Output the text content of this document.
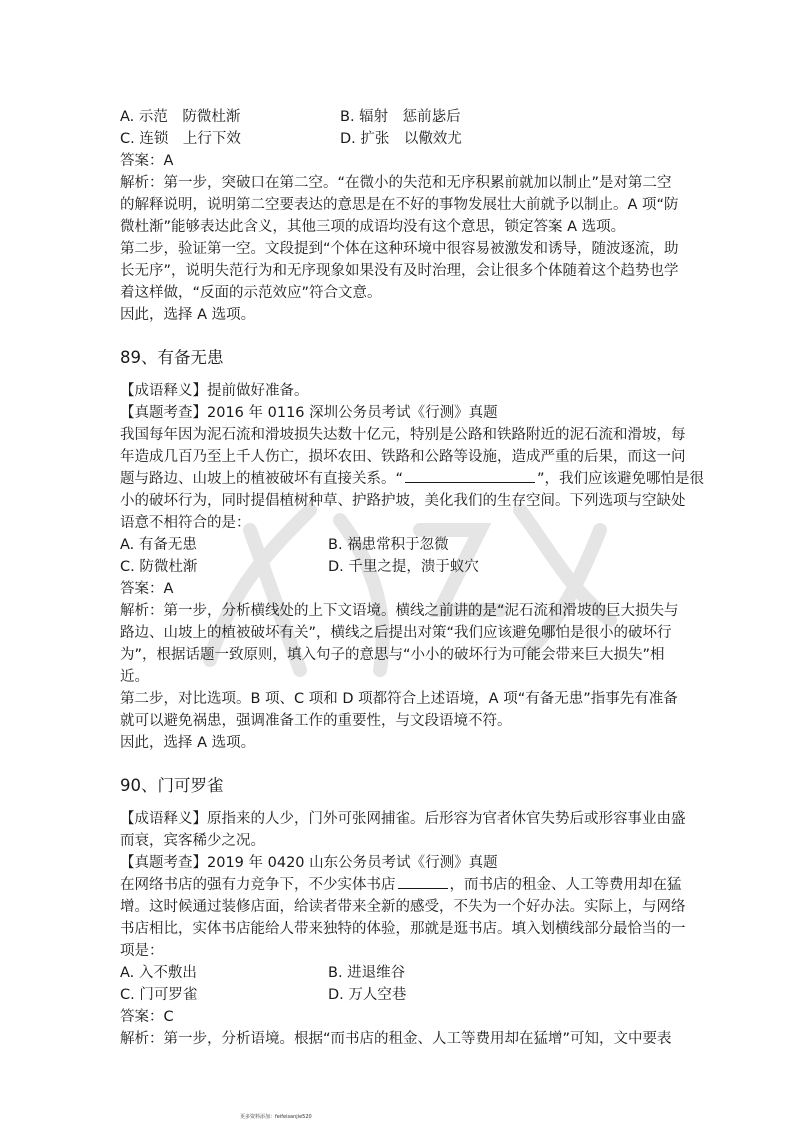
A. 示范　防微杜渐	B. 辐射　惩前毖后
C. 连锁　上行下效	D. 扩张　以儆效尤
答案：A
解析：第一步，突破口在第二空。“在微小的失范和无序积累前就加以制止”是对第二空
的解释说明，说明第二空要表达的意思是在不好的事物发展壮大前就予以制止。A 项“防
微杜渐”能够表达此含义，其他三项的成语均没有这个意思，锁定答案 A 选项。
第二步，验证第一空。文段提到“个体在这种环境中很容易被激发和诱导，随波逐流，助
长无序”，说明失范行为和无序现象如果没有及时治理，会让很多个体随着这个趋势也学
着这样做，“反面的示范效应”符合文意。
因此，选择 A 选项。
89、有备无患
【成语释义】提前做好准备。
【真题考查】2016 年 0116 深圳公务员考试《行测》真题
我国每年因为泥石流和滑坡损失达数十亿元，特别是公路和铁路附近的泥石流和滑坡，每
年造成几百乃至上千人伤亡，损坏农田、铁路和公路等设施，造成严重的后果，而这一问
题与路边、山坡上的植被破坏有直接关系。“	”，我们应该避免哪怕是很
小的破坏行为，同时提倡植树种草、护路护坡，美化我们的生存空间。下列选项与空缺处
语意不相符合的是：
A. 有备无患	B. 祸患常积于忽微
C. 防微杜渐	D. 千里之提，溃于蚁穴
答案：A
解析：第一步，分析横线处的上下文语境。横线之前讲的是“泥石流和滑坡的巨大损失与
路边、山坡上的植被破坏有关”，横线之后提出对策“我们应该避免哪怕是很小的破坏行
为”，根据话题一致原则，填入句子的意思与“小小的破坏行为可能会带来巨大损失”相
近。
第二步，对比选项。B 项、C 项和 D 项都符合上述语境，A 项“有备无患”指事先有准备
就可以避免祸患，强调准备工作的重要性，与文段语境不符。
因此，选择 A 选项。
90、门可罗雀
【成语释义】原指来的人少，门外可张网捕雀。后形容为官者休官失势后或形容事业由盛
而衰，宾客稀少之况。
【真题考查】2019 年 0420 山东公务员考试《行测》真题
在网络书店的强有力竞争下，不少实体书店	，而书店的租金、人工等费用却在猛
增。这时候通过装修店面，给读者带来全新的感受，不失为一个好办法。实际上，与网络
书店相比，实体书店能给人带来独特的体验，那就是逛书店。填入划横线部分最恰当的一
项是：
A. 入不敷出	B. 进退维谷
C. 门可罗雀	D. 万人空巷
答案：C
解析：第一步，分析语境。根据“而书店的租金、人工等费用却在猛增”可知，文中要表
更多资料添加：feifeisanjie520
